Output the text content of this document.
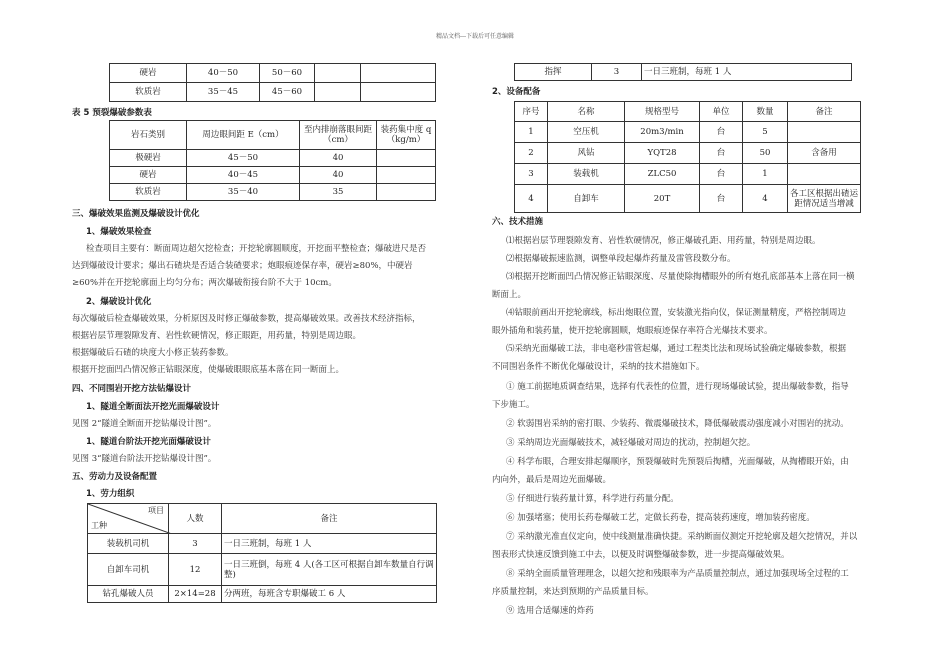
精品文档---下载后可任意编辑
硬岩	40－50	50－60		
软质岩	35－45	45－60		
表 5 预裂爆破参数表
岩石类别	周边眼间距 E（cm）	至内排崩落眼间距（cm）	装药集中度 q（kg/m）
极硬岩	45－50	40	
硬岩	40－45	40	
软质岩	35－40	35	
三、爆破效果监测及爆破设计优化
1、爆破效果检查
检查项目主要有：断面周边超欠挖检查；开挖轮廓圆顺度，开挖面平整检查；爆破进尺是否
达到爆破设计要求；爆出石碴块是否适合装碴要求；炮眼痕迹保存率，硬岩≥80%，中硬岩
≥60%并在开挖轮廓面上均匀分布；两次爆破衔接台阶不大于 10cm。
2、爆破设计优化
每次爆破后检查爆破效果，分析原因及时修正爆破参数，提高爆破效果。改善技术经济指标，
根据岩层节理裂隙发育、岩性软硬情况，修正眼距，用药量，特别是周边眼。
根据爆破后石碴的块度大小修正装药参数。
根据开挖面凹凸情况修正钻眼深度，使爆破眼眼底基本落在同一断面上。
四、不同围岩开挖方法钻爆设计
1、隧道全断面法开挖光面爆破设计
见图 2“隧道全断面开挖钻爆设计图”。
1、隧道台阶法开挖光面爆破设计
见图 3“隧道台阶法开挖钻爆设计图”。
五、劳动力及设备配置
1、劳力组织
项目
工种	人数	备注
装载机司机	3	一日三班制，每班 1 人
自卸车司机	12	一日三班倒，每班 4 人(各工区可根据自卸车数量自行调整)
钻孔爆破人员	2×14=28	分两班，每班含专职爆破工 6 人
指挥	3	一日三班制，每班 1 人
2、设备配备
序号	名称	规格型号	单位	数量	备注
1	空压机	20m3/min	台	5	
2	风钻	YQT28	台	50	含备用
3	装载机	ZLC50	台	1	
4	自卸车	20T	台	4	各工区根据出碴运距情况适当增减
六、技术措施
⑴根据岩层节理裂隙发育、岩性软硬情况，修正爆破孔距、用药量，特别是周边眼。
⑵根据爆破振速监测，调整单段起爆炸药量及雷管段数分布。
⑶根据开挖断面凹凸情况修正钻眼深度、尽量使除掏槽眼外的所有炮孔底部基本上落在同一横
断面上。
⑷钻眼前画出开挖轮廓线，标出炮眼位置，安装激光指向仪，保证测量精度，严格控制周边
眼外插角和装药量，使开挖轮廓圆顺，炮眼痕迹保存率符合光爆技术要求。
⑸采纳光面爆破工法，非电毫秒雷管起爆，通过工程类比法和现场试验确定爆破参数，根据
不同围岩条件不断优化爆破设计，采纳的技术措施如下。
① 施工前据地质调查结果，选择有代表性的位置，进行现场爆破试验，提出爆破参数，指导
下步施工。
② 软弱围岩采纳的密打眼、少装药、微震爆破技术，降低爆破震动强度减小对围岩的扰动。
③ 采纳周边光面爆破技术，减轻爆破对周边的扰动，控制超欠挖。
④ 科学布眼，合理安排起爆顺序，预裂爆破时先预裂后掏槽，光面爆破，从掏槽眼开始，由
内向外，最后是周边光面爆破。
⑤ 仔细进行装药量计算，科学进行药量分配。
⑥ 加强堵塞；使用长药卷爆破工艺，定做长药卷，提高装药速度，增加装药密度。
⑦ 采纳激光准直仪定向，使中线测量准确快捷。采纳断面仪测定开挖轮廓及超欠挖情况，并以
图表形式快速反馈到施工中去，以便及时调整爆破参数，进一步提高爆破效果。
⑧ 采纳全面质量管理理念，以超欠挖和残眼率为产品质量控制点，通过加强现场全过程的工
序质量控制，来达到预期的产品质量目标。
⑨ 选用合适爆速的炸药
